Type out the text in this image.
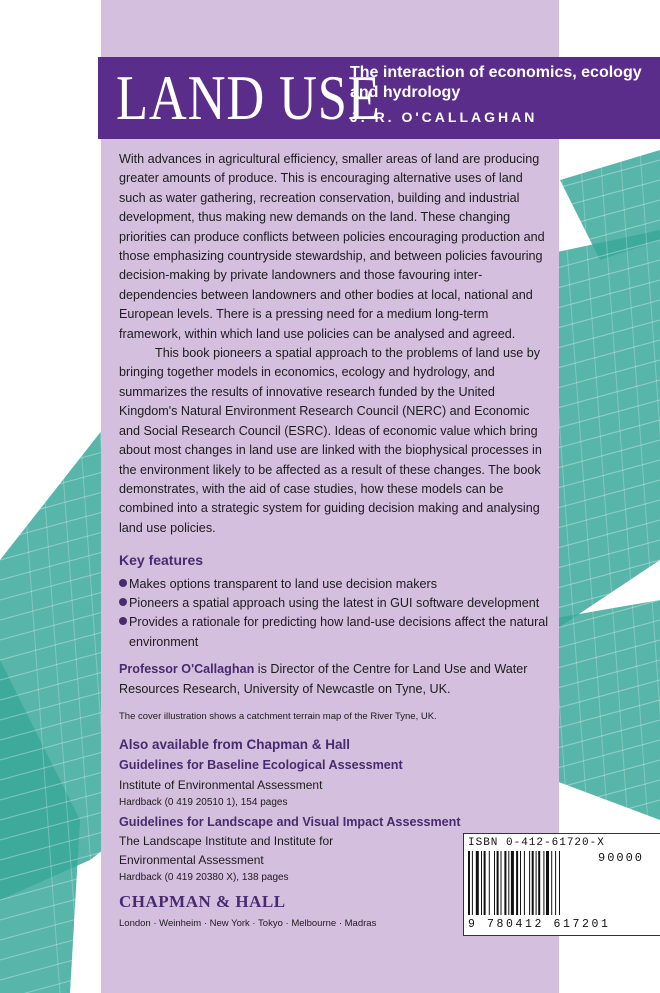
LAND USE
The interaction of economics, ecology and hydrology
J. R. O'CALLAGHAN

With advances in agricultural efficiency, smaller areas of land are producing greater amounts of produce. This is encouraging alternative uses of land such as water gathering, recreation conservation, building and industrial development, thus making new demands on the land. These changing priorities can produce conflicts between policies encouraging production and those emphasizing countryside stewardship, and between policies favouring decision-making by private landowners and those favouring inter-dependencies between landowners and other bodies at local, national and European levels. There is a pressing need for a medium long-term framework, within which land use policies can be analysed and agreed.

This book pioneers a spatial approach to the problems of land use by bringing together models in economics, ecology and hydrology, and summarizes the results of innovative research funded by the United Kingdom's Natural Environment Research Council (NERC) and Economic and Social Research Council (ESRC). Ideas of economic value which bring about most changes in land use are linked with the biophysical processes in the environment likely to be affected as a result of these changes. The book demonstrates, with the aid of case studies, how these models can be combined into a strategic system for guiding decision making and analysing land use policies.

Key features
Makes options transparent to land use decision makers
Pioneers a spatial approach using the latest in GUI software development
Provides a rationale for predicting how land-use decisions affect the natural environment

Professor O'Callaghan is Director of the Centre for Land Use and Water Resources Research, University of Newcastle on Tyne, UK.

The cover illustration shows a catchment terrain map of the River Tyne, UK.

Also available from Chapman & Hall
Guidelines for Baseline Ecological Assessment
Institute of Environmental Assessment
Hardback (0 419 20510 1), 154 pages
Guidelines for Landscape and Visual Impact Assessment
The Landscape Institute and Institute for Environmental Assessment
Hardback (0 419 20380 X), 138 pages
CHAPMAN & HALL
London · Weinheim · New York · Tokyo · Melbourne · Madras
ISBN 0-412-61720-X
90000
9 780412 617201
